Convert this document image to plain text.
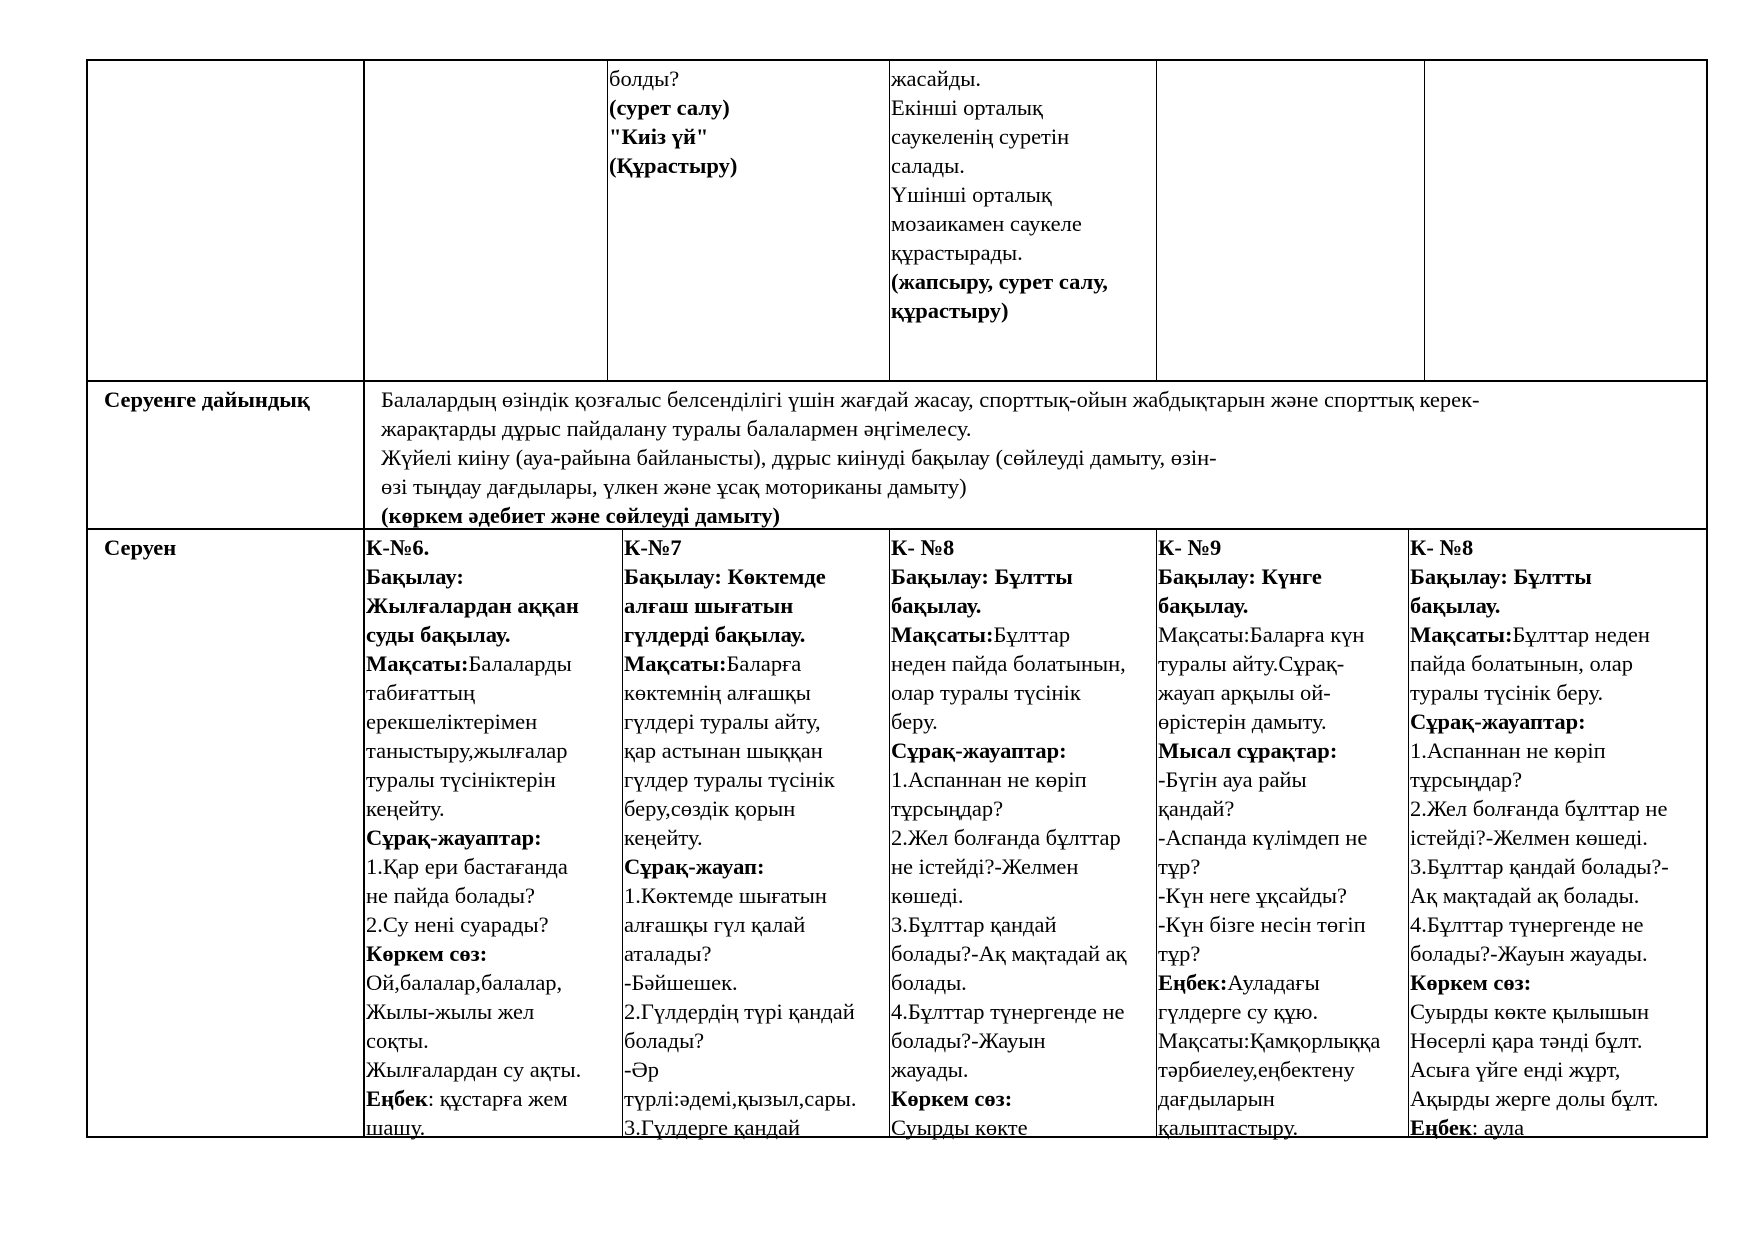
болды?
(сурет салу)
"Киіз үй"
(Құрастыру)
жасайды.
Екінші орталық
саукеленің суретін
салады.
Үшінші орталық
мозаикамен саукеле
құрастырады.
(жапсыру, сурет салу,
құрастыру)
Серуенге дайындық	Балалардың өзіндік қозғалыс белсенділігі үшін жағдай жасау, спорттық-ойын жабдықтарын және спорттық керек-
жарақтарды дұрыс пайдалану туралы балалармен әңгімелесу.
Жүйелі киіну (ауа-райына байланысты), дұрыс киінуді бақылау (сөйлеуді дамыту, өзін-
өзі тыңдау дағдылары, үлкен және ұсақ моториканы дамыту)
(көркем әдебиет және сөйлеуді дамыту)
Серуен	К-№6.
Бақылау:
Жылғалардан аққан
суды бақылау.
Мақсаты:Балаларды
табиғаттың
ерекшеліктерімен
таныстыру,жылғалар
туралы түсініктерін
кеңейту.
Сұрақ-жауаптар:
1.Қар ери бастағанда
не пайда болады?
2.Су нені суарады?
Көркем сөз:
Ой,балалар,балалар,
Жылы-жылы жел
соқты.
Жылғалардан су ақты.
Еңбек: құстарға жем
шашу.
К-№7
Бақылау: Көктемде
алғаш шығатын
гүлдерді бақылау.
Мақсаты:Баларға
көктемнің алғашқы
гүлдері туралы айту,
қар астынан шыққан
гүлдер туралы түсінік
беру,сөздік қорын
кеңейту.
Сұрақ-жауап:
1.Көктемде шығатын
алғашқы гүл қалай
аталады?
-Бәйшешек.
2.Гүлдердің түрі қандай
болады?
-Әр
түрлі:әдемі,қызыл,сары.
3.Гүлдерге қандай
К- №8
Бақылау: Бұлтты
бақылау.
Мақсаты:Бұлттар
неден пайда болатынын,
олар туралы түсінік
беру.
Сұрақ-жауаптар:
1.Аспаннан не көріп
тұрсыңдар?
2.Жел болғанда бұлттар
не істейді?-Желмен
көшеді.
3.Бұлттар қандай
болады?-Ақ мақтадай ақ
болады.
4.Бұлттар түнергенде не
болады?-Жауын
жауады.
Көркем сөз:
Суырды көкте
К- №9
Бақылау: Күнге
бақылау.
Мақсаты:Баларға күн
туралы айту.Сұрақ-
жауап арқылы ой-
өрістерін дамыту.
Мысал сұрақтар:
-Бүгін ауа райы
қандай?
-Аспанда күлімдеп не
тұр?
-Күн неге ұқсайды?
-Күн бізге несін төгіп
тұр?
Еңбек:Ауладағы
гүлдерге су құю.
Мақсаты:Қамқорлыққа
тәрбиелеу,еңбектену
дағдыларын
қалыптастыру.
К- №8
Бақылау: Бұлтты
бақылау.
Мақсаты:Бұлттар неден
пайда болатынын, олар
туралы түсінік беру.
Сұрақ-жауаптар:
1.Аспаннан не көріп
тұрсыңдар?
2.Жел болғанда бұлттар не
істейді?-Желмен көшеді.
3.Бұлттар қандай болады?-
Ақ мақтадай ақ болады.
4.Бұлттар түнергенде не
болады?-Жауын жауады.
Көркем сөз:
Суырды көкте қылышын
Нөсерлі қара тәнді бұлт.
Асыға үйге енді жұрт,
Ақырды жерге долы бұлт.
Еңбек: аула
